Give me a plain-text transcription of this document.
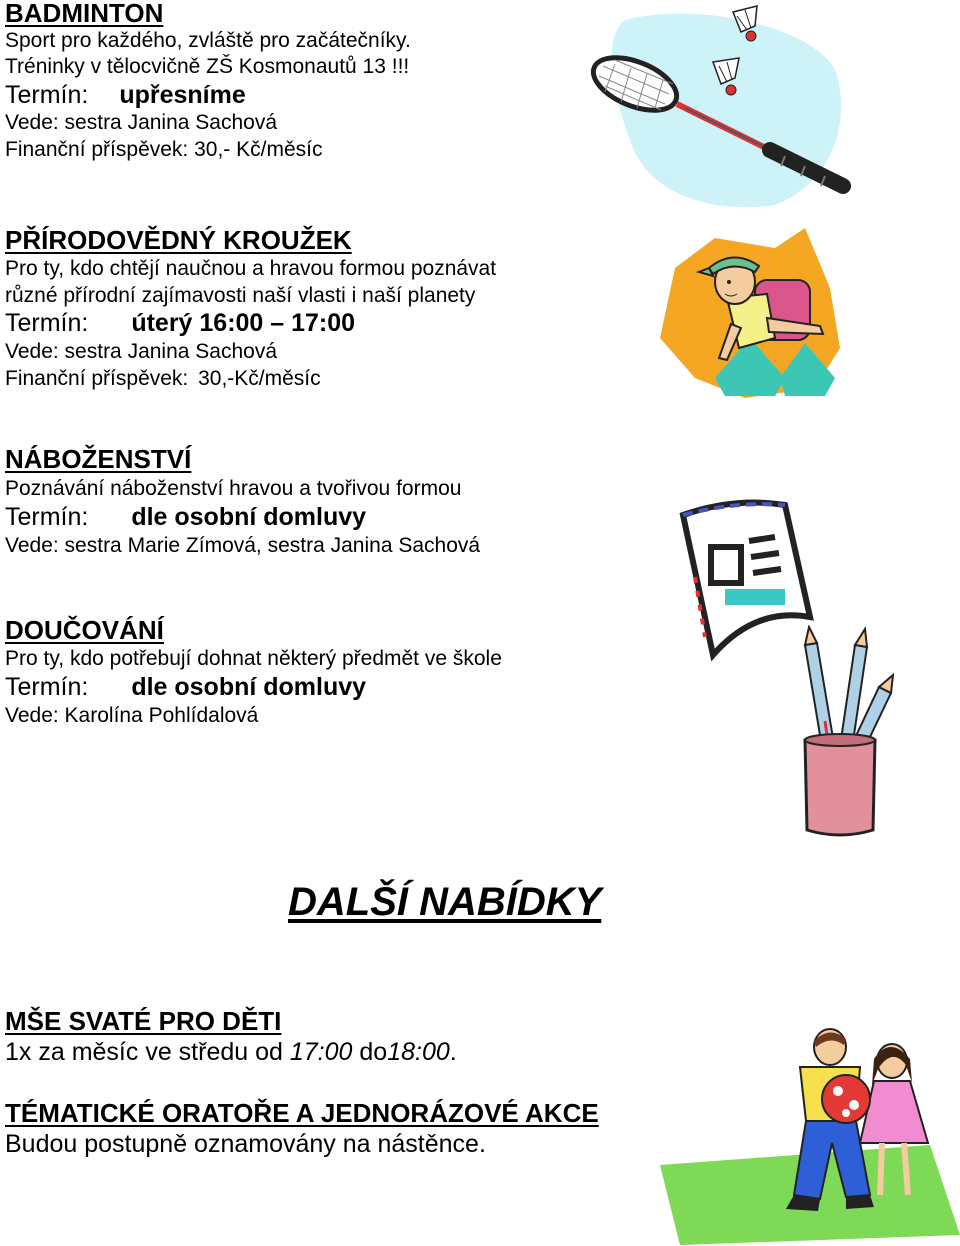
BADMINTON
Sport pro každého, zvláště pro začátečníky.
Tréninky v tělocvičně ZŠ Kosmonautů 13 !!!
Termín: upřesníme
Vede: sestra Janina Sachová
Finanční příspěvek: 30,- Kč/měsíc
PŘÍRODOVĚDNÝ KROUŽEK
Pro ty, kdo chtějí naučnou a hravou formou poznávat
různé přírodní zajímavosti naší vlasti i naší planety
Termín: úterý 16:00 – 17:00
Vede: sestra Janina Sachová
Finanční příspěvek: 30,-Kč/měsíc
NÁBOŽENSTVÍ
Poznávání náboženství hravou a tvořivou formou
Termín: dle osobní domluvy
Vede: sestra Marie Zímová, sestra Janina Sachová
DOUČOVÁNÍ
Pro ty, kdo potřebují dohnat některý předmět ve škole
Termín: dle osobní domluvy
Vede: Karolína Pohlídalová
DALŠÍ NABÍDKY
MŠE SVATÉ PRO DĚTI
1x za měsíc ve středu od 17:00 do18:00.
TÉMATICKÉ ORATOŘE A JEDNORÁZOVÉ AKCE
Budou postupně oznamovány na nástěnce.
